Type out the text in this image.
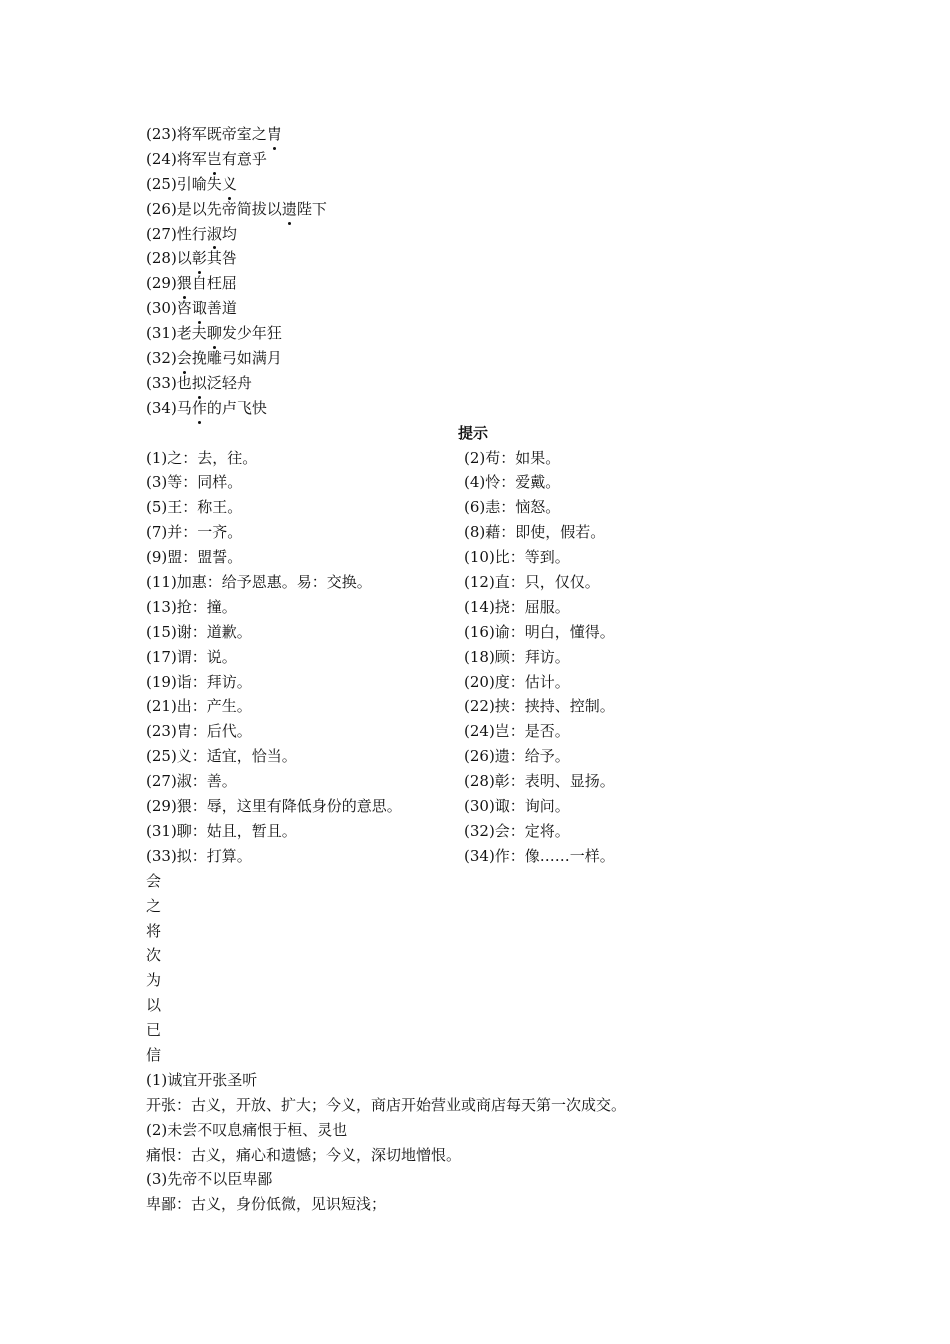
(23)将军既帝室之胄
(24)将军岂有意乎
(25)引喻失义
(26)是以先帝简拔以遗陛下
(27)性行淑均
(28)以彰其咎
(29)猥自枉屈
(30)咨诹善道
(31)老夫聊发少年狂
(32)会挽雕弓如满月
(33)也拟泛轻舟
(34)马作的卢飞快
提示
(1)之：去，往。	(2)苟：如果。
(3)等：同样。	(4)怜：爱戴。
(5)王：称王。	(6)恚：恼怒。
(7)并：一齐。	(8)藉：即使，假若。
(9)盟：盟誓。	(10)比：等到。
(11)加惠：给予恩惠。易：交换。	(12)直：只，仅仅。
(13)抢：撞。	(14)挠：屈服。
(15)谢：道歉。	(16)谕：明白，懂得。
(17)谓：说。	(18)顾：拜访。
(19)诣：拜访。	(20)度：估计。
(21)出：产生。	(22)挟：挟持、控制。
(23)胄：后代。	(24)岂：是否。
(25)义：适宜，恰当。	(26)遗：给予。
(27)淑：善。	(28)彰：表明、显扬。
(29)猥：辱，这里有降低身份的意思。	(30)诹：询问。
(31)聊：姑且，暂且。	(32)会：定将。
(33)拟：打算。	(34)作：像……一样。
会
之
将
次
为
以
已
信
(1)诚宜开张圣听
开张：古义，开放、扩大；今义，商店开始营业或商店每天第一次成交。
(2)未尝不叹息痛恨于桓、灵也
痛恨：古义，痛心和遗憾；今义，深切地憎恨。
(3)先帝不以臣卑鄙
卑鄙：古义，身份低微，见识短浅；
